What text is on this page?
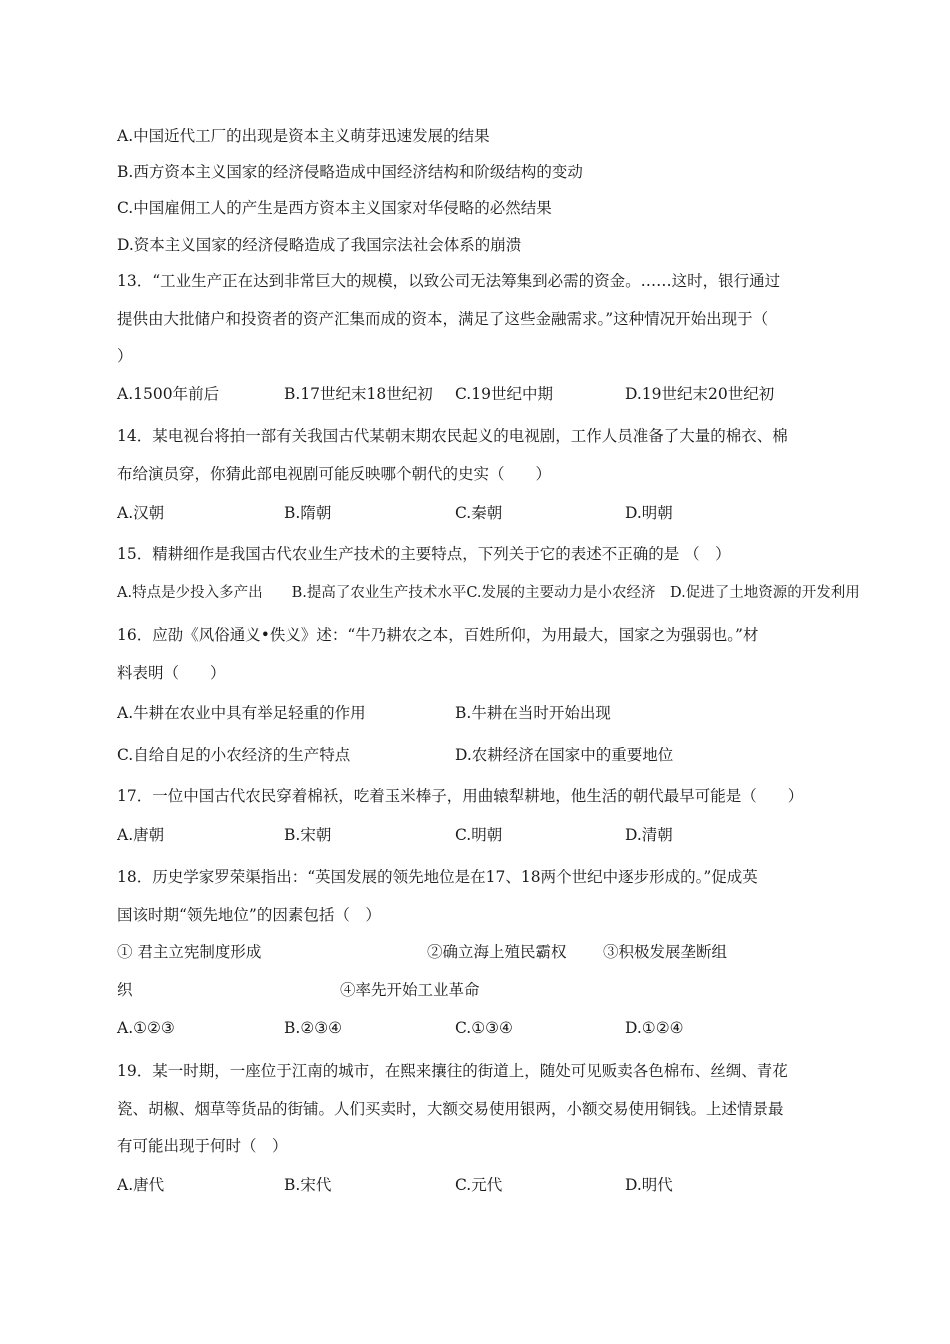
A.中国近代工厂的出现是资本主义萌芽迅速发展的结果
B.西方资本主义国家的经济侵略造成中国经济结构和阶级结构的变动
C.中国雇佣工人的产生是西方资本主义国家对华侵略的必然结果
D.资本主义国家的经济侵略造成了我国宗法社会体系的崩溃
13．“工业生产正在达到非常巨大的规模，以致公司无法筹集到必需的资金。……这时，银行通过
提供由大批储户和投资者的资产汇集而成的资本，满足了这些金融需求。”这种情况开始出现于（
）
A.1500年前后	B.17世纪末18世纪初 C.19世纪中期	D.19世纪末20世纪初
14．某电视台将拍一部有关我国古代某朝末期农民起义的电视剧，工作人员准备了大量的棉衣、棉
布给演员穿，你猜此部电视剧可能反映哪个朝代的史实（　　）
A.汉朝	B.隋朝	C.秦朝	D.明朝
15．精耕细作是我国古代农业生产技术的主要特点，下列关于它的表述不正确的是 （　）
A.特点是少投入多产出　　B.提高了农业生产技术水平C.发展的主要动力是小农经济　D.促进了土地资源的开发利用
16．应劭《风俗通义•佚义》述：“牛乃耕农之本，百姓所仰，为用最大，国家之为强弱也。”材
料表明（　　）
A.牛耕在农业中具有举足轻重的作用	B.牛耕在当时开始出现
C.自给自足的小农经济的生产特点	D.农耕经济在国家中的重要地位
17．一位中国古代农民穿着棉袄，吃着玉米棒子，用曲辕犁耕地，他生活的朝代最早可能是（　　）
A.唐朝	B.宋朝	C.明朝	D.清朝
18．历史学家罗荣渠指出：“英国发展的领先地位是在17、18两个世纪中逐步形成的。”促成英
国该时期“领先地位”的因素包括（　）
① 君主立宪制度形成	②确立海上殖民霸权 ③积极发展垄断组
织	④率先开始工业革命
A.①②③	B.②③④	C.①③④	D.①②④
19．某一时期，一座位于江南的城市，在熙来攘往的街道上，随处可见贩卖各色棉布、丝绸、青花
瓷、胡椒、烟草等货品的街铺。人们买卖时，大额交易使用银两，小额交易使用铜钱。上述情景最
有可能出现于何时（　）
A.唐代	B.宋代	C.元代	D.明代
